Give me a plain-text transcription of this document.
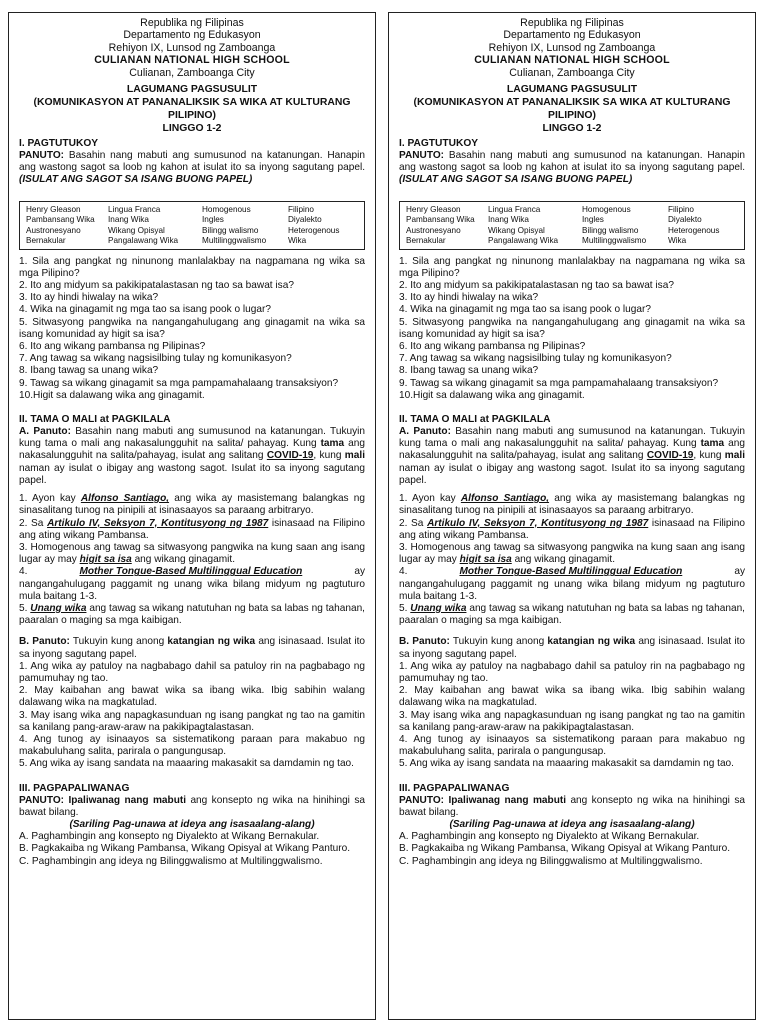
Republika ng Filipinas
Departamento ng Edukasyon
Rehiyon IX, Lunsod ng Zamboanga
CULIANAN NATIONAL HIGH SCHOOL
Culianan, Zamboanga City
LAGUMANG PAGSUSULIT
(KOMUNIKASYON AT PANANALIKSIK SA WIKA AT KULTURANG PILIPINO)
LINGGO 1-2
I. PAGTUTUKOY

PANUTO: Basahin nang mabuti ang sumusunod na katanungan. Hanapin ang wastong sagot sa loob ng kahon at isulat ito sa inyong sagutang papel. (ISULAT ANG SAGOT SA ISANG BUONG PAPEL)

Henry Gleason	Lingua Franca	Homogenous	Filipino
Pambansang Wika	Inang Wika	Ingles	Diyalekto
Austronesyano	Wikang Opisyal	Bilingg walismo	Heterogenous
Bernakular	Pangalawang Wika	Multilinggwalismo	Wika
1. Sila ang pangkat ng ninunong manlalakbay na nagpamana ng wika sa mga Pilipino?
2. Ito ang midyum sa pakikipatalastasan ng tao sa bawat isa?
3. Ito ay hindi hiwalay na wika?
4. Wika na ginagamit ng mga tao sa isang pook o lugar?
5. Sitwasyong pangwika na nangangahulugang ang ginagamit na wika sa isang komunidad ay higit sa isa?
6. Ito ang wikang pambansa ng Pilipinas?
7. Ang tawag sa wikang nagsisilbing tulay ng komunikasyon?
8. Ibang tawag sa unang wika?
9. Tawag sa wikang ginagamit sa mga pampamahalaang transaksiyon?
10.Higit sa dalawang wika ang ginagamit.
II. TAMA O MALI at PAGKILALA

A. Panuto: Basahin nang mabuti ang sumusunod na katanungan. Tukuyin kung tama o mali ang nakasalungguhit na salita/ pahayag. Kung tama ang nakasalungguhit na salita/pahayag, isulat ang salitang COVID-19, kung mali naman ay isulat o ibigay ang wastong sagot. Isulat ito sa inyong sagutang papel.

1. Ayon kay Alfonso Santiago, ang wika ay masistemang balangkas ng sinasalitang tunog na pinipili at isinasaayos sa paraang arbitraryo.

2. Sa Artikulo IV, Seksyon 7, Kontitusyong ng 1987 isinasaad na Filipino ang ating wikang Pambansa.

3. Homogenous ang tawag sa sitwasyong pangwika na kung saan ang isang lugar ay may higit sa isa ang wikang ginagamit.

4.	Mother Tongue-Based Multilinggual Education	ay

nangangahulugang paggamit ng unang wika bilang midyum ng pagtuturo mula baitang 1-3.

5. Unang wika ang tawag sa wikang natutuhan ng bata sa labas ng tahanan, paaralan o maging sa mga kaibigan.

B. Panuto: Tukuyin kung anong katangian ng wika ang isinasaad. Isulat ito sa inyong sagutang papel.

1. Ang wika ay patuloy na nagbabago dahil sa patuloy rin na pagbabago ng pamumuhay ng tao.

2. May kaibahan ang bawat wika sa ibang wika. Ibig sabihin walang dalawang wika na magkatulad.

3. May isang wika ang napagkasunduan ng isang pangkat ng tao na gamitin sa kanilang pang-araw-araw na pakikipagtalastasan.

4. Ang tunog ay isinaayos sa sistematikong paraan para makabuo ng makabuluhang salita, parirala o pangungusap.

5. Ang wika ay isang sandata na maaaring makasakit sa damdamin ng tao.

III. PAGPAPALIWANAG

PANUTO: Ipaliwanag nang mabuti ang konsepto ng wika na hinihingi sa bawat bilang.

(Sariling Pag-unawa at ideya ang isasaalang-alang)

A. Paghambingin ang konsepto ng Diyalekto at Wikang Bernakular.

B. Pagkakaiba ng Wikang Pambansa, Wikang Opisyal at Wikang Panturo.

C. Paghambingin ang ideya ng Bilinggwalismo at Multilinggwalismo.

Republika ng Filipinas
Departamento ng Edukasyon
Rehiyon IX, Lunsod ng Zamboanga
CULIANAN NATIONAL HIGH SCHOOL
Culianan, Zamboanga City
LAGUMANG PAGSUSULIT
(KOMUNIKASYON AT PANANALIKSIK SA WIKA AT KULTURANG PILIPINO)
LINGGO 1-2
I. PAGTUTUKOY

PANUTO: Basahin nang mabuti ang sumusunod na katanungan. Hanapin ang wastong sagot sa loob ng kahon at isulat ito sa inyong sagutang papel. (ISULAT ANG SAGOT SA ISANG BUONG PAPEL)

Henry Gleason	Lingua Franca	Homogenous	Filipino
Pambansang Wika	Inang Wika	Ingles	Diyalekto
Austronesyano	Wikang Opisyal	Bilingg walismo	Heterogenous
Bernakular	Pangalawang Wika	Multilinggwalismo	Wika
1. Sila ang pangkat ng ninunong manlalakbay na nagpamana ng wika sa mga Pilipino?
2. Ito ang midyum sa pakikipatalastasan ng tao sa bawat isa?
3. Ito ay hindi hiwalay na wika?
4. Wika na ginagamit ng mga tao sa isang pook o lugar?
5. Sitwasyong pangwika na nangangahulugang ang ginagamit na wika sa isang komunidad ay higit sa isa?
6. Ito ang wikang pambansa ng Pilipinas?
7. Ang tawag sa wikang nagsisilbing tulay ng komunikasyon?
8. Ibang tawag sa unang wika?
9. Tawag sa wikang ginagamit sa mga pampamahalaang transaksiyon?
10.Higit sa dalawang wika ang ginagamit.
II. TAMA O MALI at PAGKILALA

A. Panuto: Basahin nang mabuti ang sumusunod na katanungan. Tukuyin kung tama o mali ang nakasalungguhit na salita/ pahayag. Kung tama ang nakasalungguhit na salita/pahayag, isulat ang salitang COVID-19, kung mali naman ay isulat o ibigay ang wastong sagot. Isulat ito sa inyong sagutang papel.

1. Ayon kay Alfonso Santiago, ang wika ay masistemang balangkas ng sinasalitang tunog na pinipili at isinasaayos sa paraang arbitraryo.

2. Sa Artikulo IV, Seksyon 7, Kontitusyong ng 1987 isinasaad na Filipino ang ating wikang Pambansa.

3. Homogenous ang tawag sa sitwasyong pangwika na kung saan ang isang lugar ay may higit sa isa ang wikang ginagamit.

4.	Mother Tongue-Based Multilinggual Education	ay

nangangahulugang paggamit ng unang wika bilang midyum ng pagtuturo mula baitang 1-3.

5. Unang wika ang tawag sa wikang natutuhan ng bata sa labas ng tahanan, paaralan o maging sa mga kaibigan.

B. Panuto: Tukuyin kung anong katangian ng wika ang isinasaad. Isulat ito sa inyong sagutang papel.

1. Ang wika ay patuloy na nagbabago dahil sa patuloy rin na pagbabago ng pamumuhay ng tao.

2. May kaibahan ang bawat wika sa ibang wika. Ibig sabihin walang dalawang wika na magkatulad.

3. May isang wika ang napagkasunduan ng isang pangkat ng tao na gamitin sa kanilang pang-araw-araw na pakikipagtalastasan.

4. Ang tunog ay isinaayos sa sistematikong paraan para makabuo ng makabuluhang salita, parirala o pangungusap.

5. Ang wika ay isang sandata na maaaring makasakit sa damdamin ng tao.

III. PAGPAPALIWANAG

PANUTO: Ipaliwanag nang mabuti ang konsepto ng wika na hinihingi sa bawat bilang.

(Sariling Pag-unawa at ideya ang isasaalang-alang)

A. Paghambingin ang konsepto ng Diyalekto at Wikang Bernakular.

B. Pagkakaiba ng Wikang Pambansa, Wikang Opisyal at Wikang Panturo.

C. Paghambingin ang ideya ng Bilinggwalismo at Multilinggwalismo.
